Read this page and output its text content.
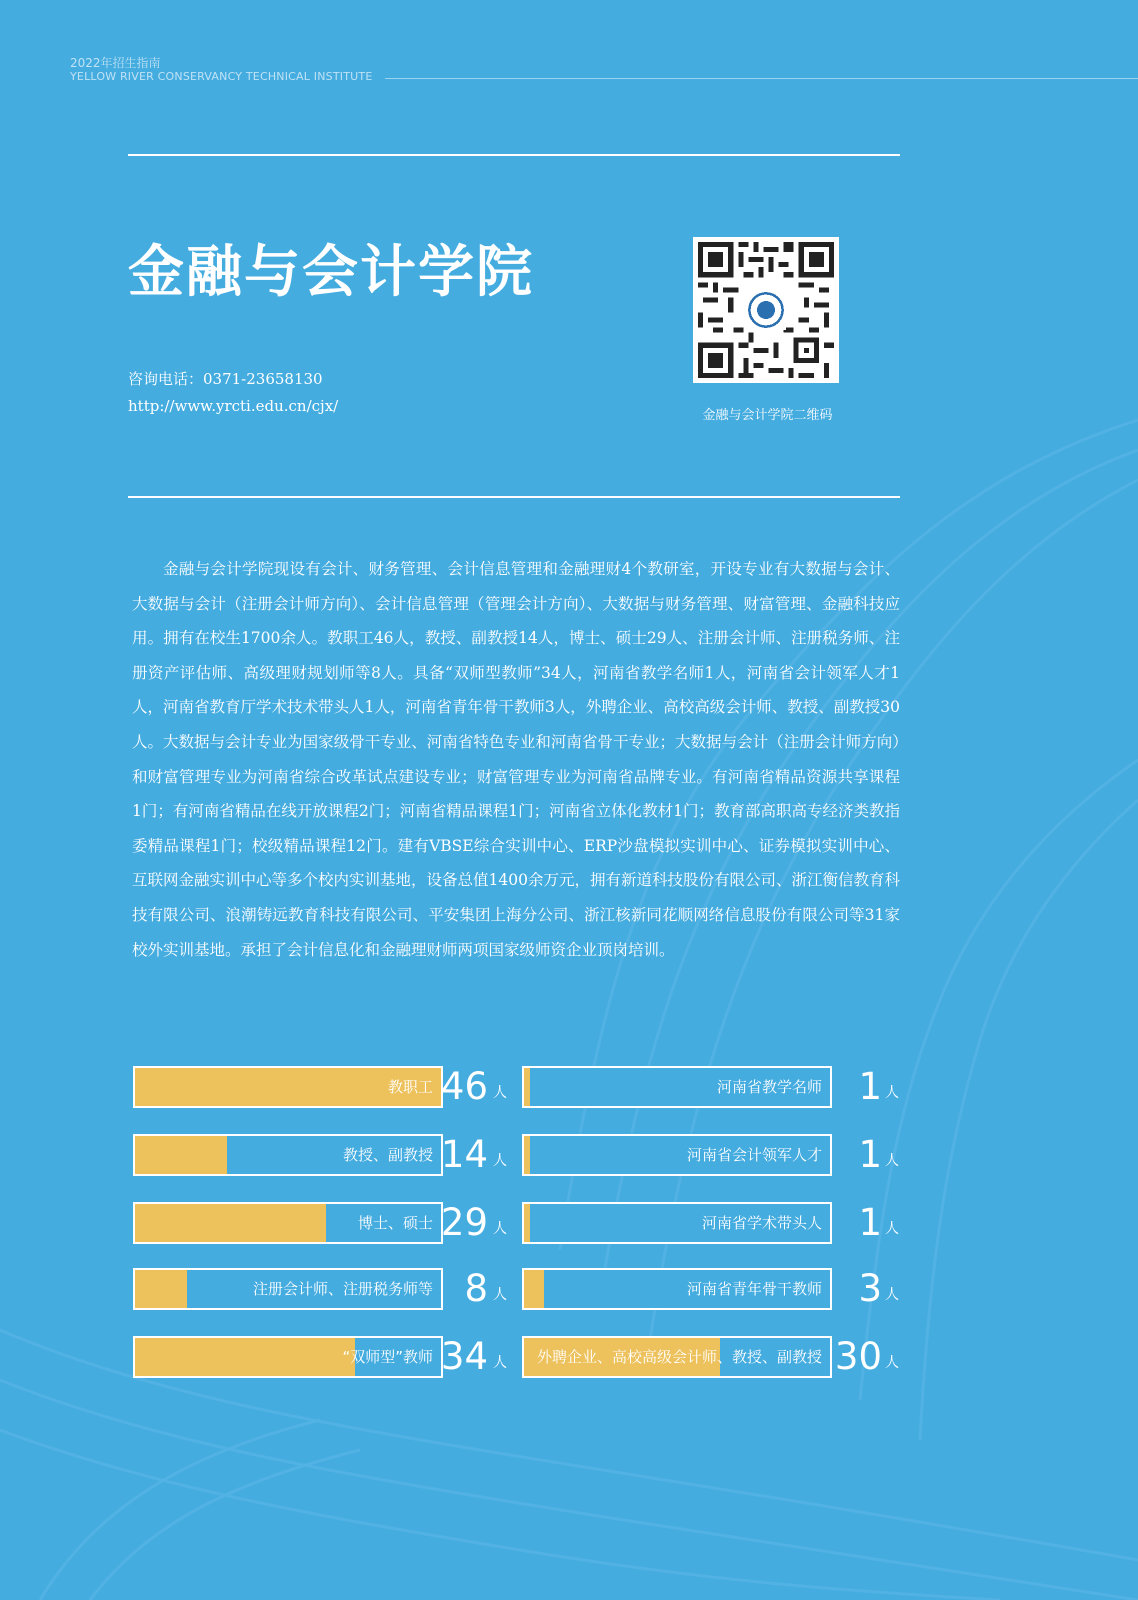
2022年招生指南
YELLOW RIVER CONSERVANCY TECHNICAL INSTITUTE
金融与会计学院
咨询电话：0371-23658130
http://www.yrcti.edu.cn/cjx/
金融与会计学院二维码
金融与会计学院现设有会计、财务管理、会计信息管理和金融理财4个教研室，开设专业有大数据与会计、大数据与会计（注册会计师方向）、会计信息管理（管理会计方向）、大数据与财务管理、财富管理、金融科技应用。拥有在校生1700余人。教职工46人，教授、副教授14人，博士、硕士29人、注册会计师、注册税务师、注册资产评估师、高级理财规划师等8人。具备“双师型教师”34人，河南省教学名师1人，河南省会计领军人才1人，河南省教育厅学术技术带头人1人，河南省青年骨干教师3人，外聘企业、高校高级会计师、教授、副教授30人。大数据与会计专业为国家级骨干专业、河南省特色专业和河南省骨干专业；大数据与会计（注册会计师方向）和财富管理专业为河南省综合改革试点建设专业；财富管理专业为河南省品牌专业。有河南省精品资源共享课程1门；有河南省精品在线开放课程2门；河南省精品课程1门；河南省立体化教材1门；教育部高职高专经济类教指委精品课程1门；校级精品课程12门。建有VBSE综合实训中心、ERP沙盘模拟实训中心、证券模拟实训中心、互联网金融实训中心等多个校内实训基地，设备总值1400余万元，拥有新道科技股份有限公司、浙江衡信教育科技有限公司、浪潮铸远教育科技有限公司、平安集团上海分公司、浙江核新同花顺网络信息股份有限公司等31家校外实训基地。承担了会计信息化和金融理财师两项国家级师资企业顶岗培训。
教职工 46 人
教授、副教授 14 人
博士、硕士 29 人
注册会计师、注册税务师等 8 人
“双师型”教师 34 人
河南省教学名师 1 人
河南省会计领军人才 1 人
河南省学术带头人 1 人
河南省青年骨干教师 3 人
外聘企业、高校高级会计师、教授、副教授 30 人
